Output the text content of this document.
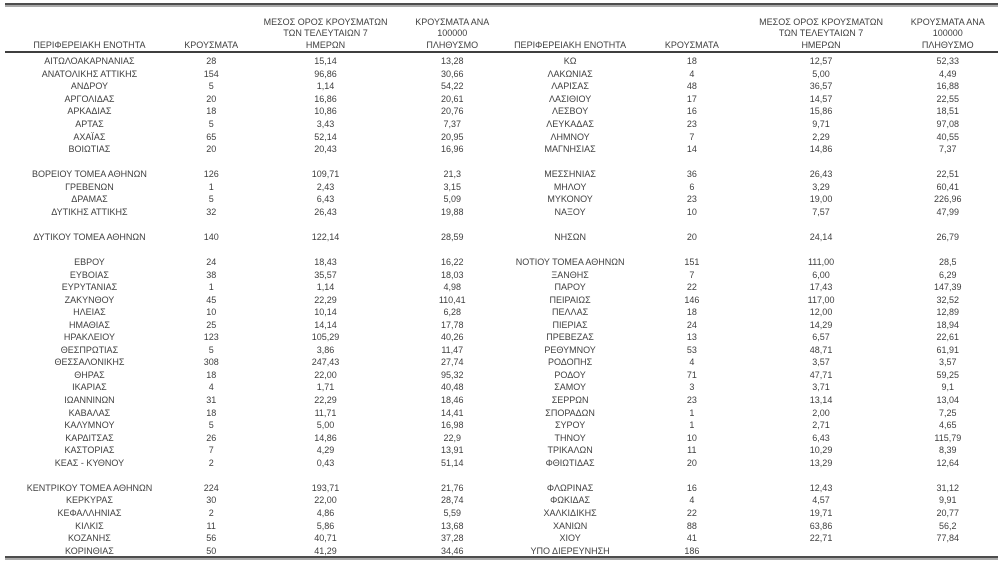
ΠΕΡΙΦΕΡΕΙΑΚΗ ΕΝΟΤΗΤΑ	ΚΡΟΥΣΜΑΤΑ
ΜΕΣΟΣ ΟΡΟΣ ΚΡΟΥΣΜΑΤΩΝ
ΤΩΝ ΤΕΛΕΥΤΑΙΩΝ 7
ΗΜΕΡΩΝ
ΚΡΟΥΣΜΑΤΑ ΑΝΑ 100000
ΠΛΗΘΥΣΜΟ
ΑΙΤΩΛΟΑΚΑΡΝΑΝΙΑΣ	28	15,14	13,28
ΑΝΑΤΟΛΙΚΗΣ ΑΤΤΙΚΗΣ	154	96,86	30,66
ΑΝΔΡΟΥ	5	1,14	54,22
ΑΡΓΟΛΙΔΑΣ	20	16,86	20,61
ΑΡΚΑΔΙΑΣ	18	10,86	20,76
ΑΡΤΑΣ	5	3,43	7,37
ΑΧΑΪΑΣ	65	52,14	20,95
ΒΟΙΩΤΙΑΣ	20	20,43	16,96
ΒΟΡΕΙΟΥ ΤΟΜΕΑ ΑΘΗΝΩΝ	126	109,71	21,3
ΓΡΕΒΕΝΩΝ	1	2,43	3,15
ΔΡΑΜΑΣ	5	6,43	5,09
ΔΥΤΙΚΗΣ ΑΤΤΙΚΗΣ	32	26,43	19,88
ΔΥΤΙΚΟΥ ΤΟΜΕΑ ΑΘΗΝΩΝ	140	122,14	28,59
ΕΒΡΟΥ	24	18,43	16,22
ΕΥΒΟΙΑΣ	38	35,57	18,03
ΕΥΡΥΤΑΝΙΑΣ	1	1,14	4,98
ΖΑΚΥΝΘΟΥ	45	22,29	110,41
ΗΛΕΙΑΣ	10	10,14	6,28
ΗΜΑΘΙΑΣ	25	14,14	17,78
ΗΡΑΚΛΕΙΟΥ	123	105,29	40,26
ΘΕΣΠΡΩΤΙΑΣ	5	3,86	11,47
ΘΕΣΣΑΛΟΝΙΚΗΣ	308	247,43	27,74
ΘΗΡΑΣ	18	22,00	95,32
ΙΚΑΡΙΑΣ	4	1,71	40,48
ΙΩΑΝΝΙΝΩΝ	31	22,29	18,46
ΚΑΒΑΛΑΣ	18	11,71	14,41
ΚΑΛΥΜΝΟΥ	5	5,00	16,98
ΚΑΡΔΙΤΣΑΣ	26	14,86	22,9
ΚΑΣΤΟΡΙΑΣ	7	4,29	13,91
ΚΕΑΣ - ΚΥΘΝΟΥ	2	0,43	51,14
ΚΕΝΤΡΙΚΟΥ ΤΟΜΕΑ ΑΘΗΝΩΝ	224	193,71	21,76
ΚΕΡΚΥΡΑΣ	30	22,00	28,74
ΚΕΦΑΛΛΗΝΙΑΣ	2	4,86	5,59
ΚΙΛΚΙΣ	11	5,86	13,68
ΚΟΖΑΝΗΣ	56	40,71	37,28
ΚΟΡΙΝΘΙΑΣ	50	41,29	34,46
ΠΕΡΙΦΕΡΕΙΑΚΗ ΕΝΟΤΗΤΑ	ΚΡΟΥΣΜΑΤΑ
ΜΕΣΟΣ ΟΡΟΣ ΚΡΟΥΣΜΑΤΩΝ
ΤΩΝ ΤΕΛΕΥΤΑΙΩΝ 7
ΗΜΕΡΩΝ
ΚΡΟΥΣΜΑΤΑ ΑΝΑ 100000
ΠΛΗΘΥΣΜΟ
ΚΩ	18	12,57	52,33
ΛΑΚΩΝΙΑΣ	4	5,00	4,49
ΛΑΡΙΣΑΣ	48	36,57	16,88
ΛΑΣΙΘΙΟΥ	17	14,57	22,55
ΛΕΣΒΟΥ	16	15,86	18,51
ΛΕΥΚΑΔΑΣ	23	9,71	97,08
ΛΗΜΝΟΥ	7	2,29	40,55
ΜΑΓΝΗΣΙΑΣ	14	14,86	7,37
ΜΕΣΣΗΝΙΑΣ	36	26,43	22,51
ΜΗΛΟΥ	6	3,29	60,41
ΜΥΚΟΝΟΥ	23	19,00	226,96
ΝΑΞΟΥ	10	7,57	47,99
ΝΗΣΩΝ	20	24,14	26,79
ΝΟΤΙΟΥ ΤΟΜΕΑ ΑΘΗΝΩΝ	151	111,00	28,5
ΞΑΝΘΗΣ	7	6,00	6,29
ΠΑΡΟΥ	22	17,43	147,39
ΠΕΙΡΑΙΩΣ	146	117,00	32,52
ΠΕΛΛΑΣ	18	12,00	12,89
ΠΙΕΡΙΑΣ	24	14,29	18,94
ΠΡΕΒΕΖΑΣ	13	6,57	22,61
ΡΕΘΥΜΝΟΥ	53	48,71	61,91
ΡΟΔΟΠΗΣ	4	3,57	3,57
ΡΟΔΟΥ	71	47,71	59,25
ΣΑΜΟΥ	3	3,71	9,1
ΣΕΡΡΩΝ	23	13,14	13,04
ΣΠΟΡΑΔΩΝ	1	2,00	7,25
ΣΥΡΟΥ	1	2,71	4,65
ΤΗΝΟΥ	10	6,43	115,79
ΤΡΙΚΑΛΩΝ	11	10,29	8,39
ΦΘΙΩΤΙΔΑΣ	20	13,29	12,64
ΦΛΩΡΙΝΑΣ	16	12,43	31,12
ΦΩΚΙΔΑΣ	4	4,57	9,91
ΧΑΛΚΙΔΙΚΗΣ	22	19,71	20,77
ΧΑΝΙΩΝ	88	63,86	56,2
ΧΙΟΥ	41	22,71	77,84
ΥΠΟ ΔΙΕΡΕΥΝΗΣΗ	186
